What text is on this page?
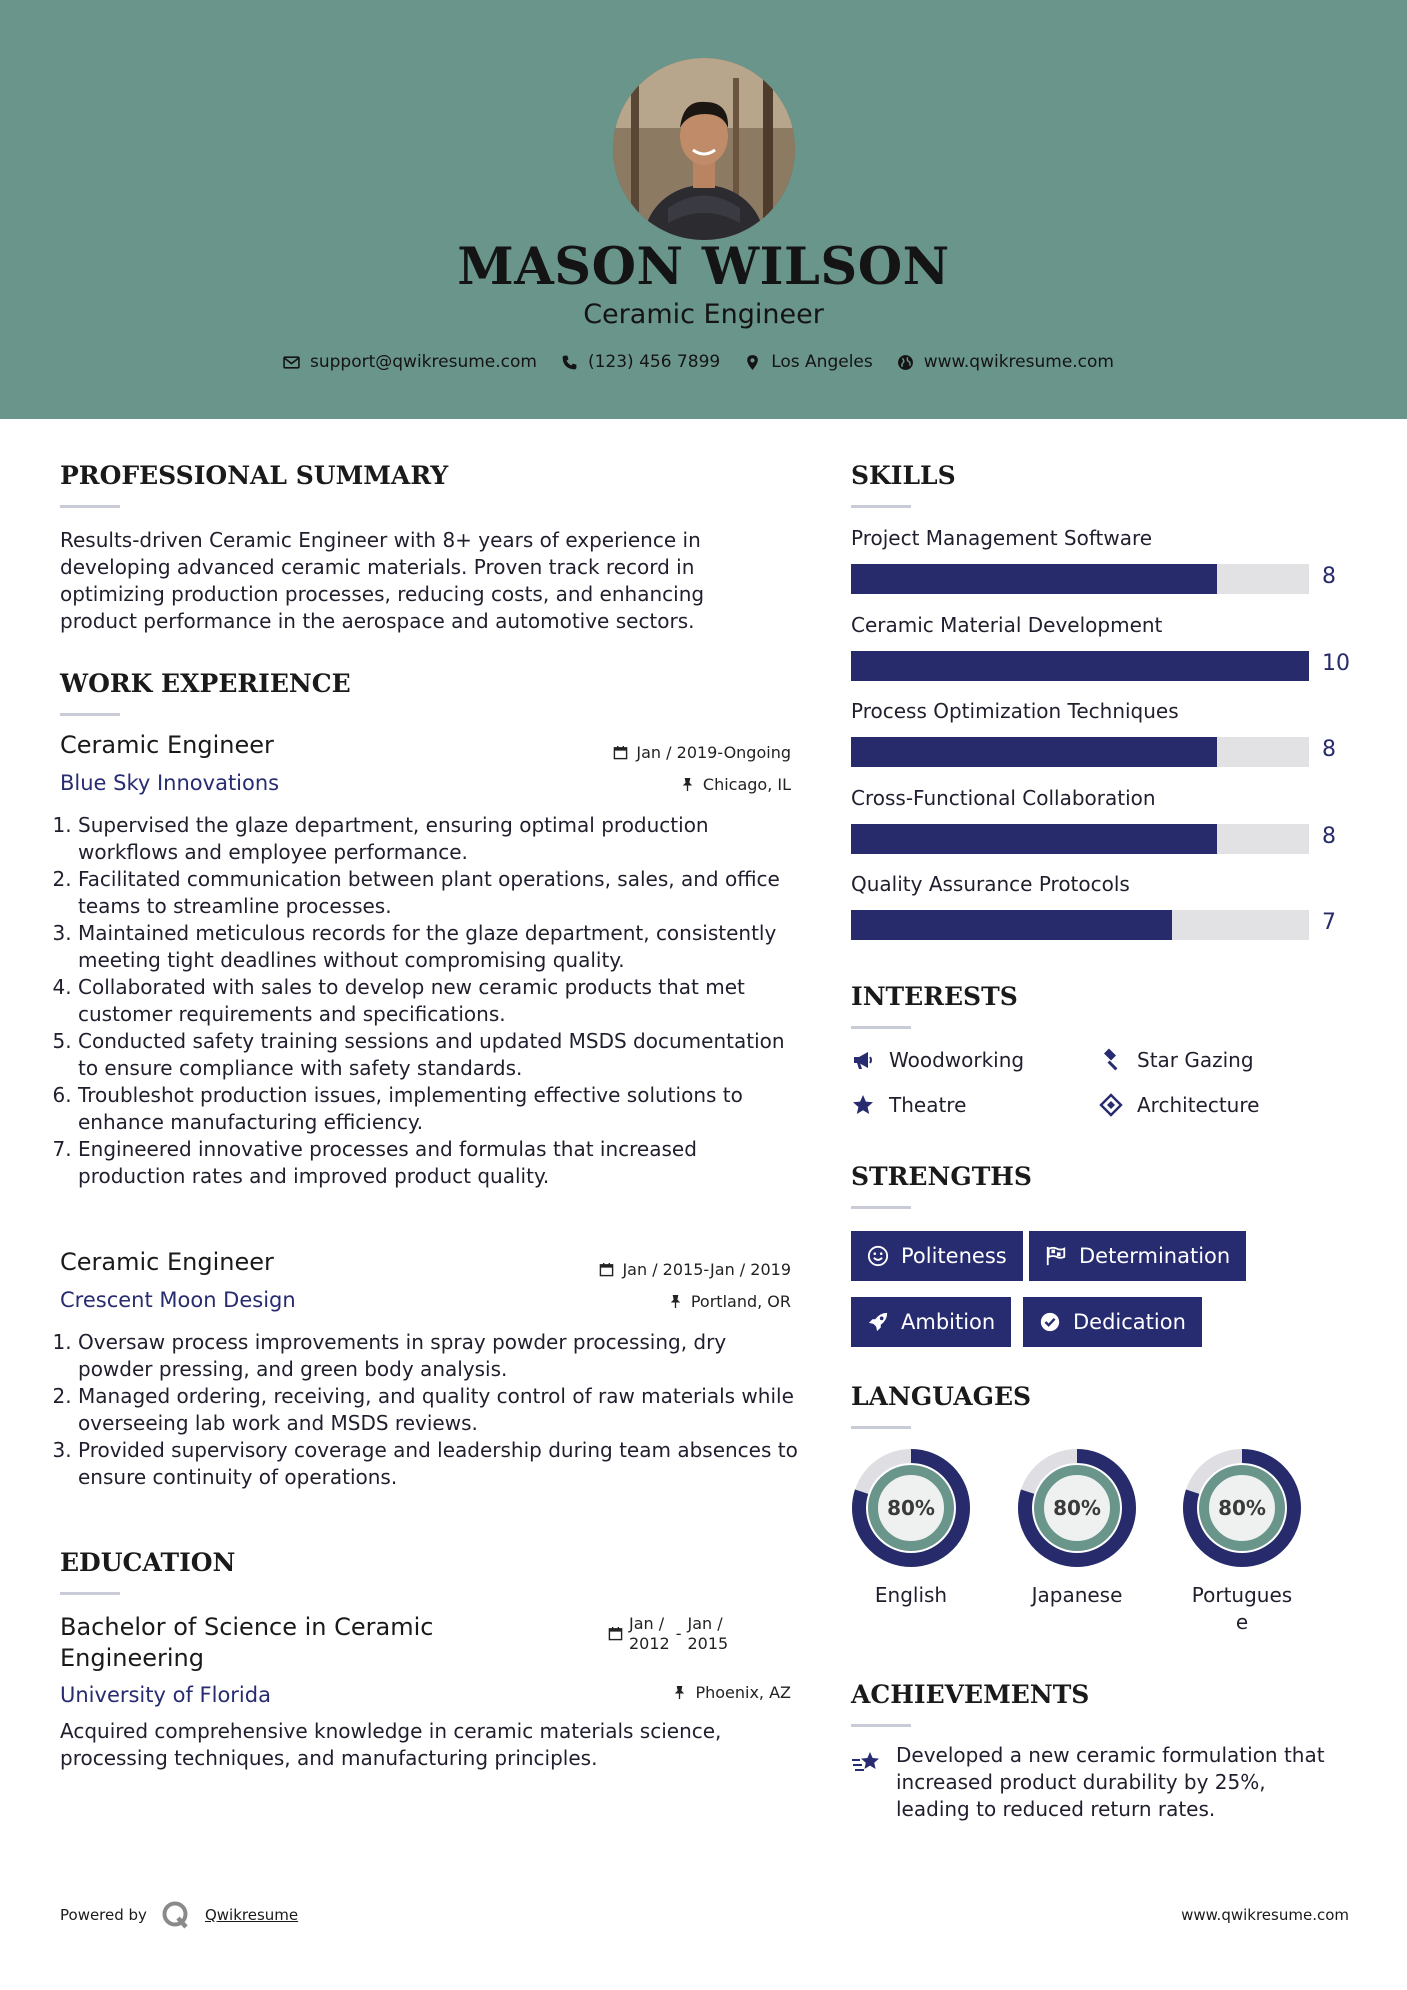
MASON WILSON
Ceramic Engineer
support@qwikresume.com	(123) 456 7899	Los Angeles	www.qwikresume.com
PROFESSIONAL SUMMARY
Results-driven Ceramic Engineer with 8+ years of experience in
developing advanced ceramic materials. Proven track record in
optimizing production processes, reducing costs, and enhancing
product performance in the aerospace and automotive sectors.
WORK EXPERIENCE
Ceramic Engineer
Blue Sky Innovations
Jan / 2019-Ongoing
Chicago, IL
1. Supervised the glaze department, ensuring optimal production workflows and employee performance.
2. Facilitated communication between plant operations, sales, and office teams to streamline processes.
3. Maintained meticulous records for the glaze department, consistently meeting tight deadlines without compromising quality.
4. Collaborated with sales to develop new ceramic products that met customer requirements and specifications.
5. Conducted safety training sessions and updated MSDS documentation to ensure compliance with safety standards.
6. Troubleshot production issues, implementing effective solutions to enhance manufacturing efficiency.
7. Engineered innovative processes and formulas that increased production rates and improved product quality.
Ceramic Engineer
Crescent Moon Design
Jan / 2015-Jan / 2019
Portland, OR
1. Oversaw process improvements in spray powder processing, dry powder pressing, and green body analysis.
2. Managed ordering, receiving, and quality control of raw materials while overseeing lab work and MSDS reviews.
3. Provided supervisory coverage and leadership during team absences to ensure continuity of operations.
EDUCATION
Bachelor of Science in Ceramic
Engineering
University of Florida
Jan /
2012
-
Jan /
2015
Phoenix, AZ
Acquired comprehensive knowledge in ceramic materials science,
processing techniques, and manufacturing principles.
SKILLS
Project Management Software
8
Ceramic Material Development
10
Process Optimization Techniques
8
Cross-Functional Collaboration
8
Quality Assurance Protocols
7
INTERESTS
Woodworking	Star Gazing
Theatre	Architecture
STRENGTHS
Politeness	Determination
Ambition	Dedication
LANGUAGES
80%
English
80%
Japanese
80%
Portugues
e
ACHIEVEMENTS
Developed a new ceramic formulation that
increased product durability by 25%,
leading to reduced return rates.
Powered by	Qwikresume	www.qwikresume.com
